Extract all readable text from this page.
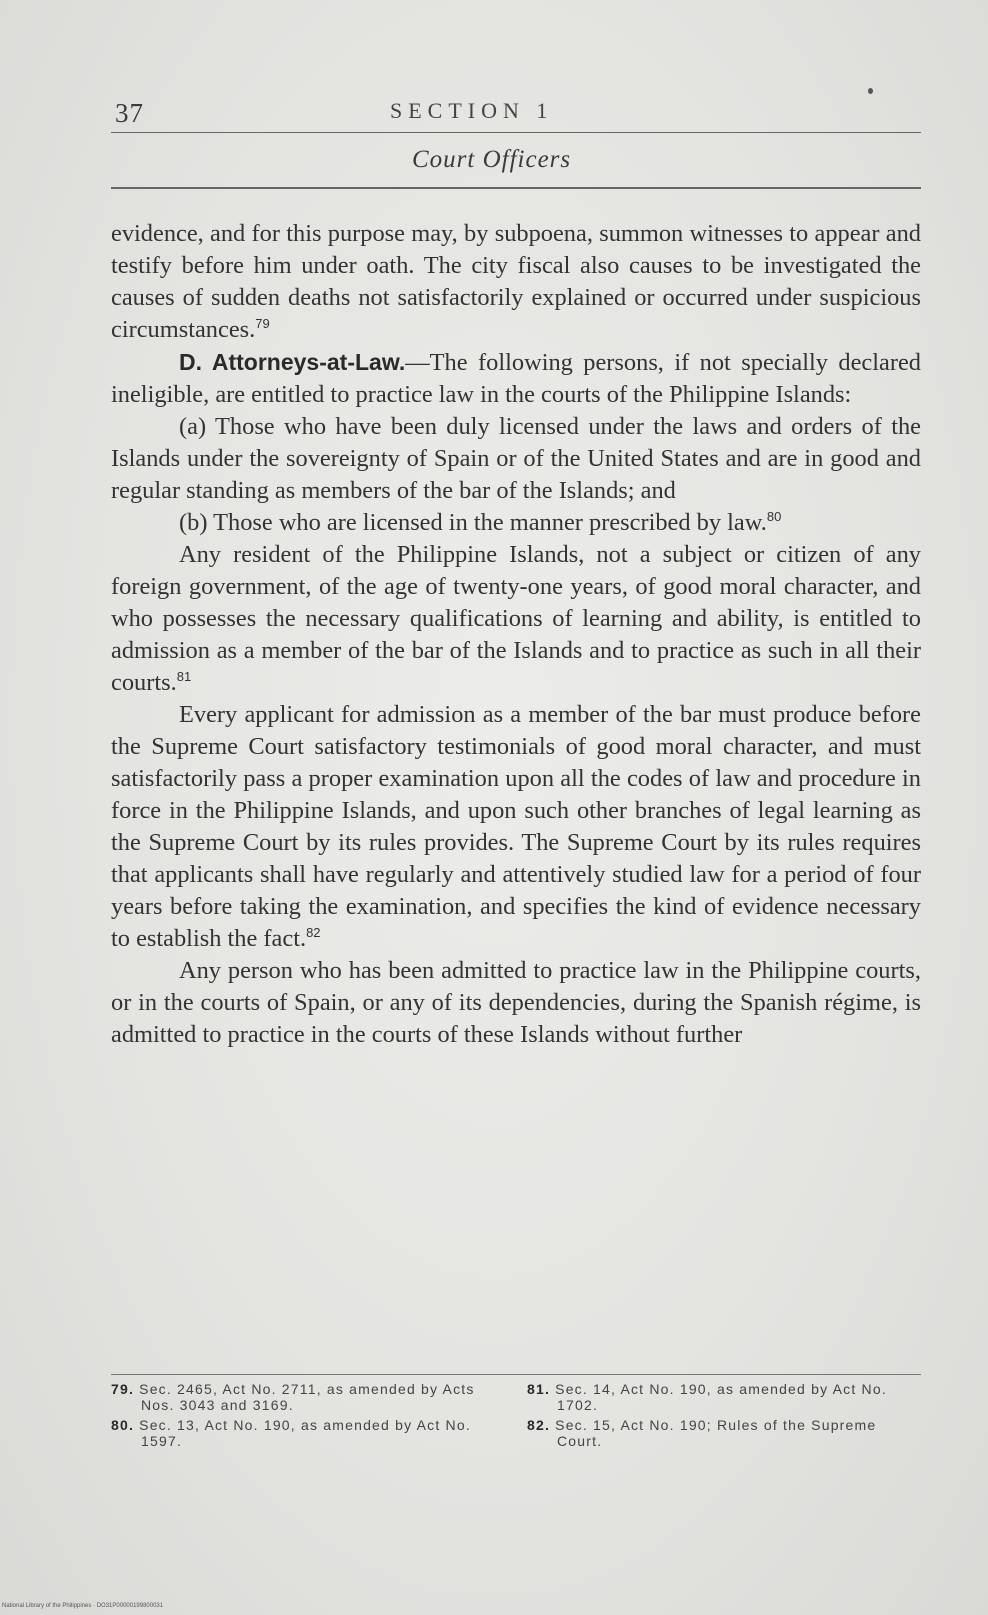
37	SECTION 1
Court Officers

evidence, and for this purpose may, by subpoena, summon witnesses to appear and testify before him under oath. The city fiscal also causes to be investigated the causes of sudden deaths not satisfactorily explained or occurred under suspicious circumstances.$^{79}$

D. Attorneys-at-Law.—The following persons, if not specially declared ineligible, are entitled to practice law in the courts of the Philippine Islands:

(a) Those who have been duly licensed under the laws and orders of the Islands under the sovereignty of Spain or of the United States and are in good and regular standing as members of the bar of the Islands; and

(b) Those who are licensed in the manner prescribed by law.$^{80}$

Any resident of the Philippine Islands, not a subject or citizen of any foreign government, of the age of twenty-one years, of good moral character, and who possesses the necessary qualifications of learning and ability, is entitled to admission as a member of the bar of the Islands and to practice as such in all their courts.$^{81}$

Every applicant for admission as a member of the bar must produce before the Supreme Court satisfactory testimonials of good moral character, and must satisfactorily pass a proper examination upon all the codes of law and procedure in force in the Philippine Islands, and upon such other branches of legal learning as the Supreme Court by its rules provides. The Supreme Court by its rules requires that applicants shall have regularly and attentively studied law for a period of four years before taking the examination, and specifies the kind of evidence necessary to establish the fact.$^{82}$

Any person who has been admitted to practice law in the Philippine courts, or in the courts of Spain, or any of its dependencies, during the Spanish régime, is admitted to practice in the courts of these Islands without further

79. Sec. 2465, Act No. 2711, as amended by Acts Nos. 3043 and 3169.

80. Sec. 13, Act No. 190, as amended by Act No. 1597.

81. Sec. 14, Act No. 190, as amended by Act No. 1702.

82. Sec. 15, Act No. 190; Rules of the Supreme Court.

National Library of the Philippines · DO31P00000199800031
